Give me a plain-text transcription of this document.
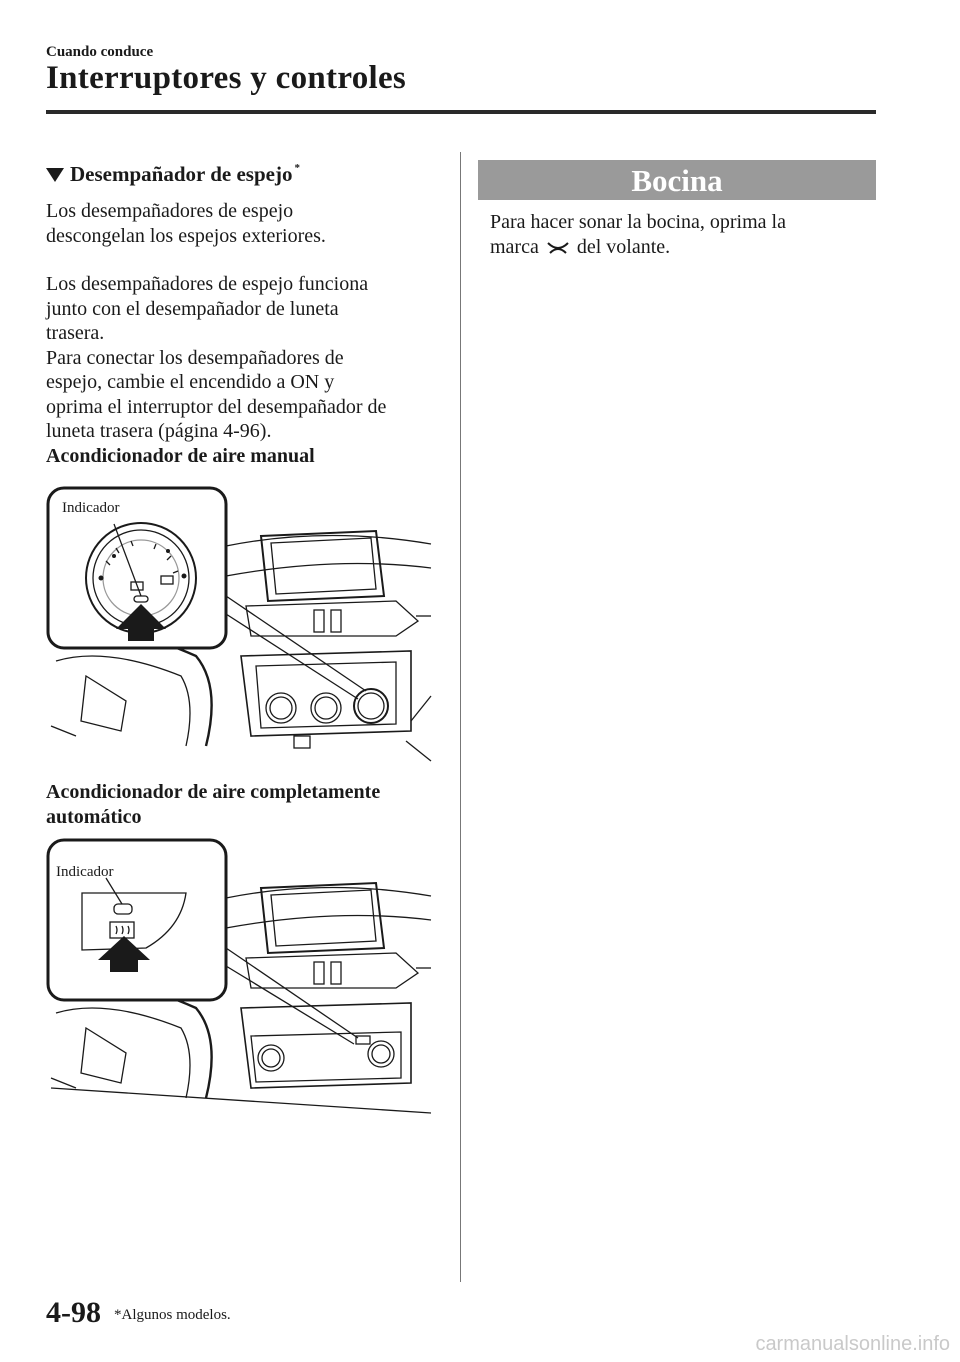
Cuando conduce
Interruptores y controles
Desempañador de espejo *

Los desempañadores de espejo

descongelan los espejos exteriores.

Los desempañadores de espejo funciona

junto con el desempañador de luneta

trasera.

Para conectar los desempañadores de

espejo, cambie el encendido a ON y

oprima el interruptor del desempañador de

luneta trasera (página 4-96).

Acondicionador de aire manual

Indicador

Acondicionador de aire completamente

automático

Indicador
Bocina
Para hacer sonar la bocina, oprima la
marca del volante.
4-98 *Algunos modelos.
carmanualsonline.info
